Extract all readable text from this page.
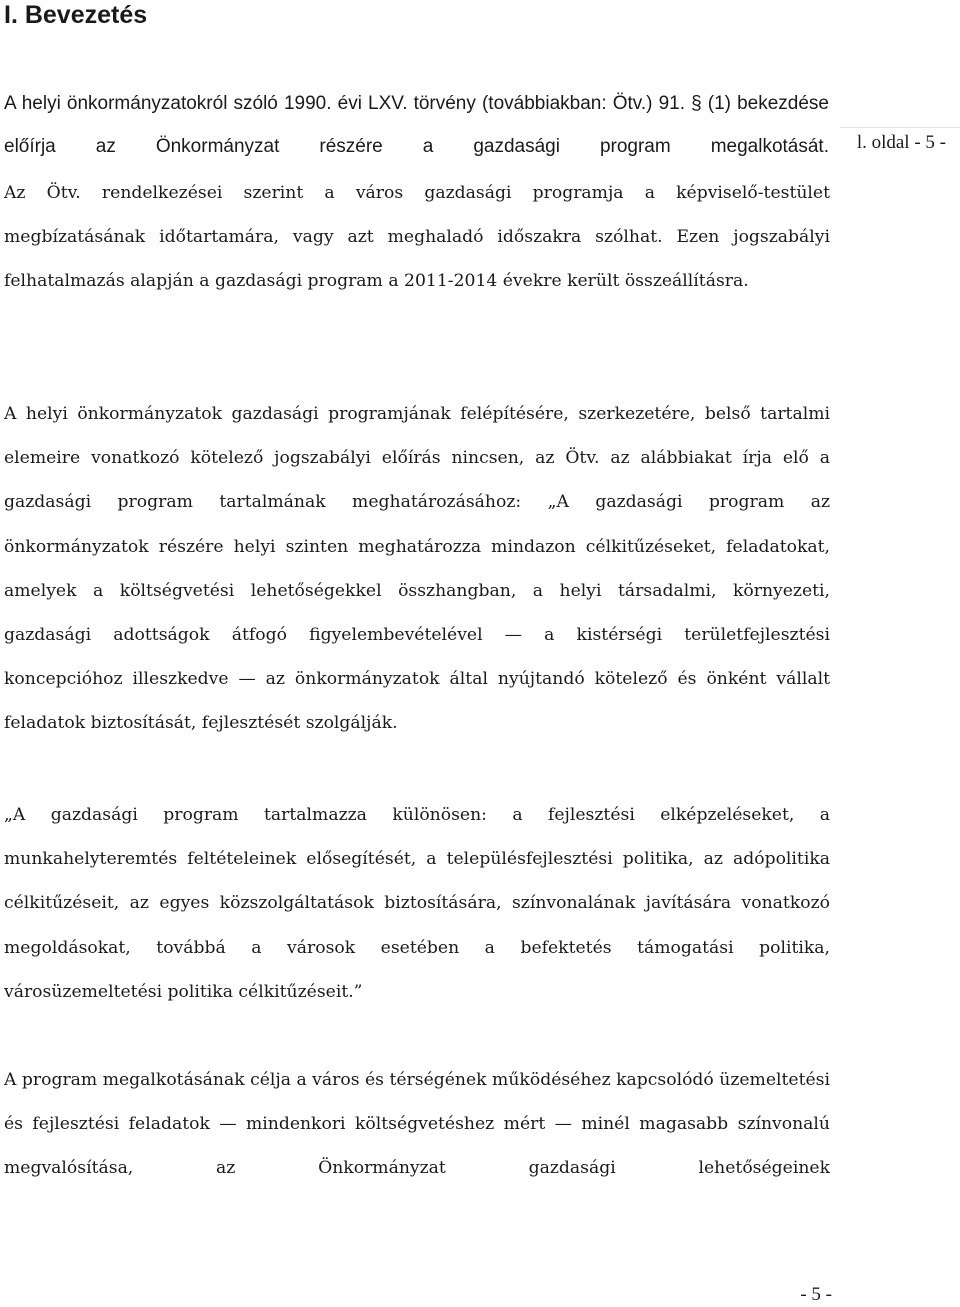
I. Bevezetés

A helyi önkormányzatokról szóló 1990. évi LXV. törvény (továbbiakban: Ötv.) 91. § (1) bekezdése előírja az Önkormányzat részére a gazdasági program megalkotását.

Az Ötv. rendelkezései szerint a város gazdasági programja a képviselő-testület megbízatásának időtartamára, vagy azt meghaladó időszakra szólhat. Ezen jogszabályi felhatalmazás alapján a gazdasági program a 2011-2014 évekre került összeállításra.

A helyi önkormányzatok gazdasági programjának felépítésére, szerkezetére, belső tartalmi elemeire vonatkozó kötelező jogszabályi előírás nincsen, az Ötv. az alábbiakat írja elő a gazdasági program tartalmának meghatározásához: „A gazdasági program az önkormányzatok részére helyi szinten meghatározza mindazon célkitűzéseket, feladatokat, amelyek a költségvetési lehetőségekkel összhangban, a helyi társadalmi, környezeti, gazdasági adottságok átfogó figyelembevételével — a kistérségi területfejlesztési koncepcióhoz illeszkedve — az önkormányzatok által nyújtandó kötelező és önként vállalt feladatok biztosítását, fejlesztését szolgálják.

„A gazdasági program tartalmazza különösen: a fejlesztési elképzeléseket, a munkahelyteremtés feltételeinek elősegítését, a településfejlesztési politika, az adópolitika célkitűzéseit, az egyes közszolgáltatások biztosítására, színvonalának javítására vonatkozó megoldásokat, továbbá a városok esetében a befektetés támogatási politika, városüzemeltetési politika célkitűzéseit.”

A program megalkotásának célja a város és térségének működéséhez kapcsolódó üzemeltetési és fejlesztési feladatok — mindenkori költségvetéshez mért — minél magasabb színvonalú megvalósítása, az Önkormányzat gazdasági lehetőségeinek

l. oldal - 5 -
- 5 -
